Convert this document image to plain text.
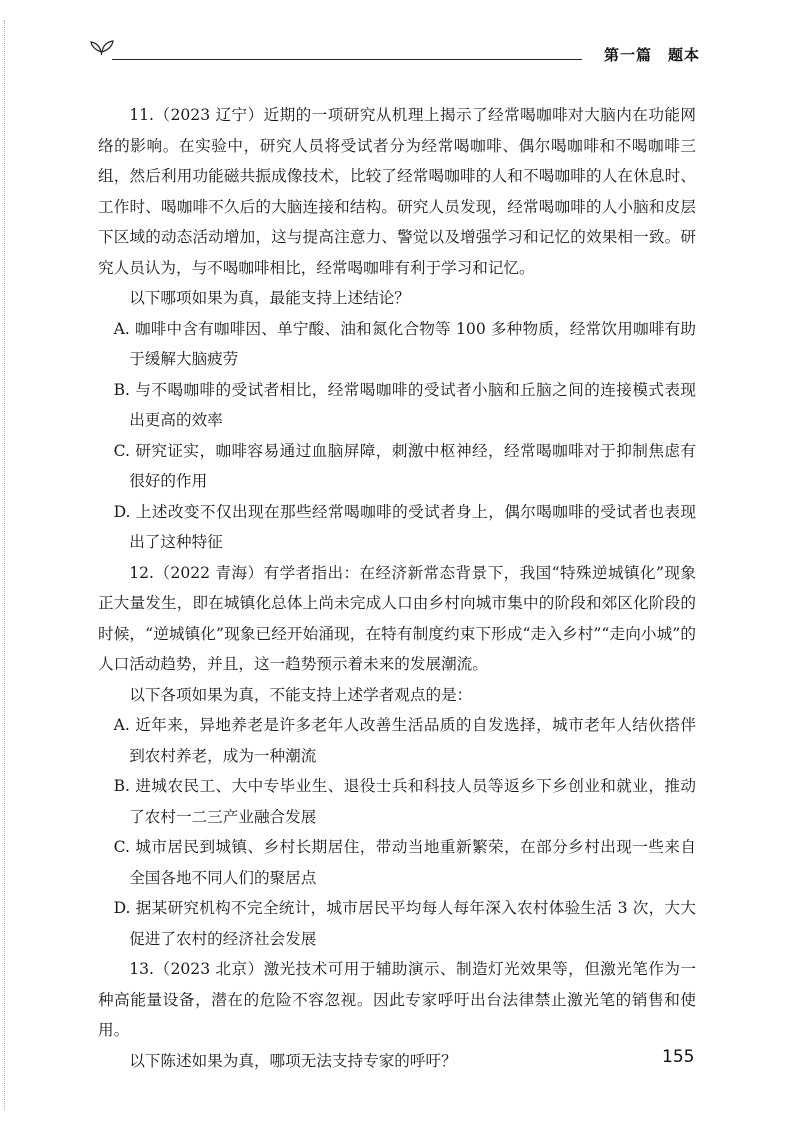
第一篇　题本

11.（2023 辽宁）近期的一项研究从机理上揭示了经常喝咖啡对大脑内在功能网络的影响。在实验中，研究人员将受试者分为经常喝咖啡、偶尔喝咖啡和不喝咖啡三组，然后利用功能磁共振成像技术，比较了经常喝咖啡的人和不喝咖啡的人在休息时、工作时、喝咖啡不久后的大脑连接和结构。研究人员发现，经常喝咖啡的人小脑和皮层下区域的动态活动增加，这与提高注意力、警觉以及增强学习和记忆的效果相一致。研究人员认为，与不喝咖啡相比，经常喝咖啡有利于学习和记忆。

以下哪项如果为真，最能支持上述结论？

A. 咖啡中含有咖啡因、单宁酸、油和氮化合物等 100 多种物质，经常饮用咖啡有助于缓解大脑疲劳

B. 与不喝咖啡的受试者相比，经常喝咖啡的受试者小脑和丘脑之间的连接模式表现出更高的效率

C. 研究证实，咖啡容易通过血脑屏障，刺激中枢神经，经常喝咖啡对于抑制焦虑有很好的作用

D. 上述改变不仅出现在那些经常喝咖啡的受试者身上，偶尔喝咖啡的受试者也表现出了这种特征

12.（2022 青海）有学者指出：在经济新常态背景下，我国“特殊逆城镇化”现象正大量发生，即在城镇化总体上尚未完成人口由乡村向城市集中的阶段和郊区化阶段的时候，“逆城镇化”现象已经开始涌现，在特有制度约束下形成“走入乡村”“走向小城”的人口活动趋势，并且，这一趋势预示着未来的发展潮流。

以下各项如果为真，不能支持上述学者观点的是：

A. 近年来，异地养老是许多老年人改善生活品质的自发选择，城市老年人结伙搭伴到农村养老，成为一种潮流

B. 进城农民工、大中专毕业生、退役士兵和科技人员等返乡下乡创业和就业，推动了农村一二三产业融合发展

C. 城市居民到城镇、乡村长期居住，带动当地重新繁荣，在部分乡村出现一些来自全国各地不同人们的聚居点

D. 据某研究机构不完全统计，城市居民平均每人每年深入农村体验生活 3 次，大大促进了农村的经济社会发展

13.（2023 北京）激光技术可用于辅助演示、制造灯光效果等，但激光笔作为一种高能量设备，潜在的危险不容忽视。因此专家呼吁出台法律禁止激光笔的销售和使用。

以下陈述如果为真，哪项无法支持专家的呼吁？	155
